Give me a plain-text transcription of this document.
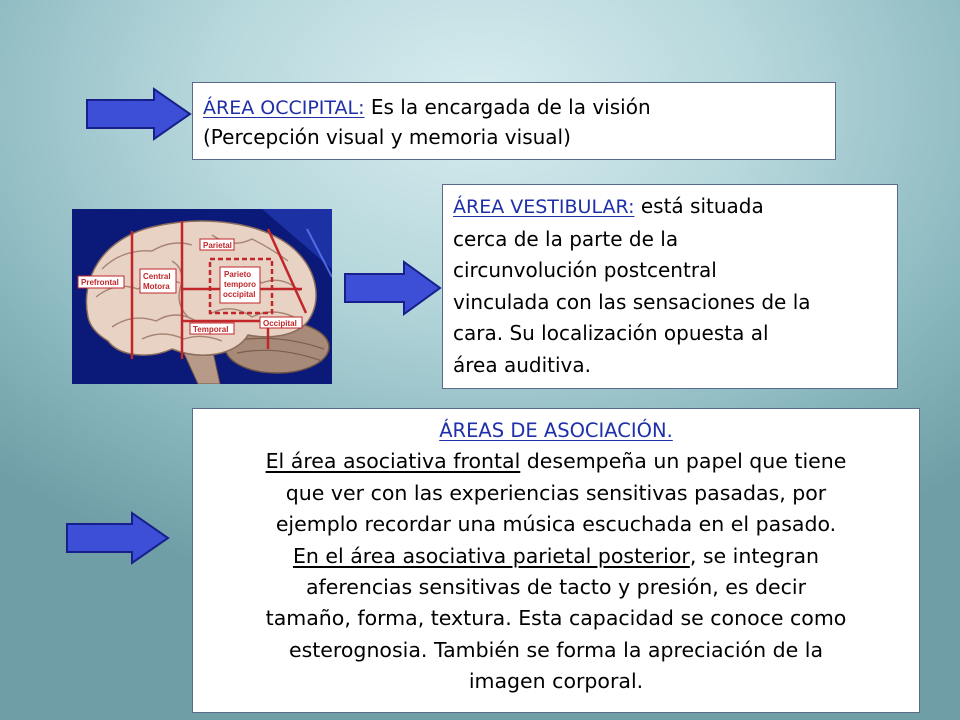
ÁREA OCCIPITAL: Es la encargada de la visión
(Percepción visual y memoria visual)
Prefrontal
Central
Motora
Parietal
Parieto
temporo
occipital
Temporal
Occipital
ÁREA VESTIBULAR: está situada
cerca de la parte de la
circunvolución postcentral
vinculada con las sensaciones de la
cara. Su localización opuesta al
área auditiva.
ÁREAS DE ASOCIACIÓN.
El área asociativa frontal desempeña un papel que tiene
que ver con las experiencias sensitivas pasadas, por
ejemplo recordar una música escuchada en el pasado.
En el área asociativa parietal posterior, se integran
aferencias sensitivas de tacto y presión, es decir
tamaño, forma, textura. Esta capacidad se conoce como
esterognosia. También se forma la apreciación de la
imagen corporal.
